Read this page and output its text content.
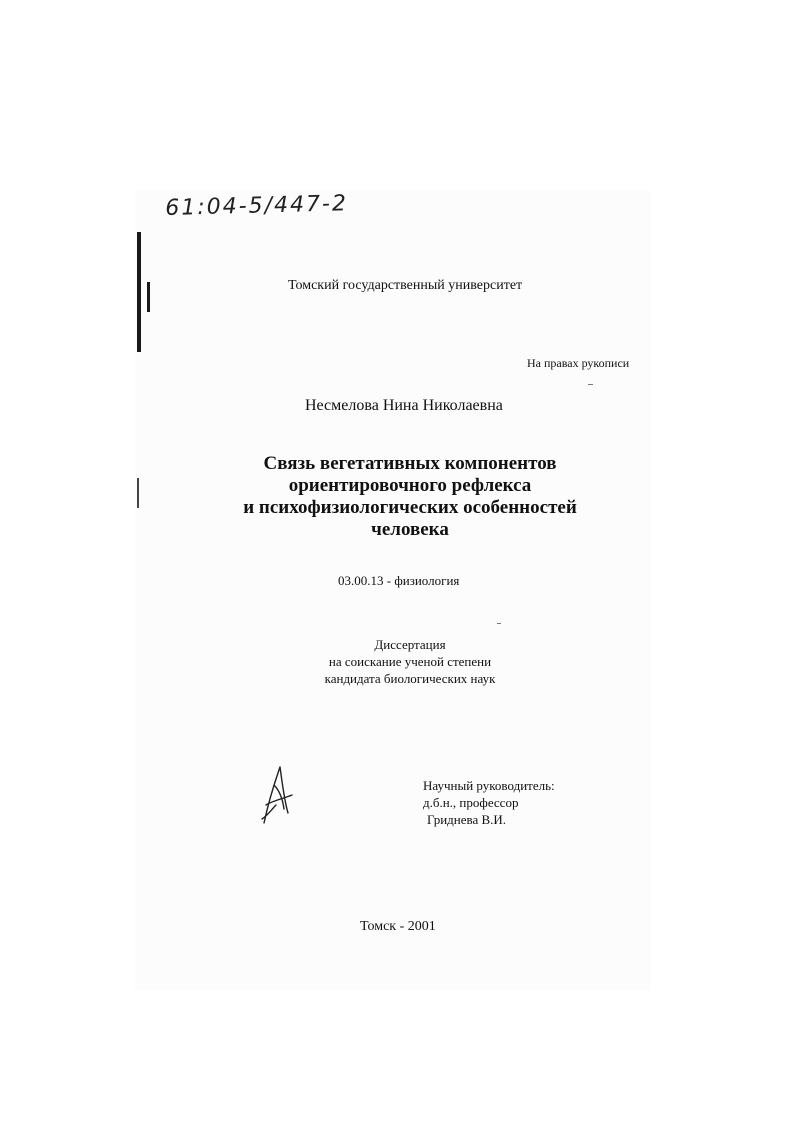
61:04-5/447-2
Томский государственный университет
На правах рукописи
Несмелова Нина Николаевна
Связь вегетативных компонентов
ориентировочного рефлекса
и психофизиологических особенностей
человека
03.00.13 - физиология
Диссертация
на соискание ученой степени
кандидата биологических наук
Научный руководитель:
д.б.н., профессор
Гриднева В.И.
Томск - 2001
